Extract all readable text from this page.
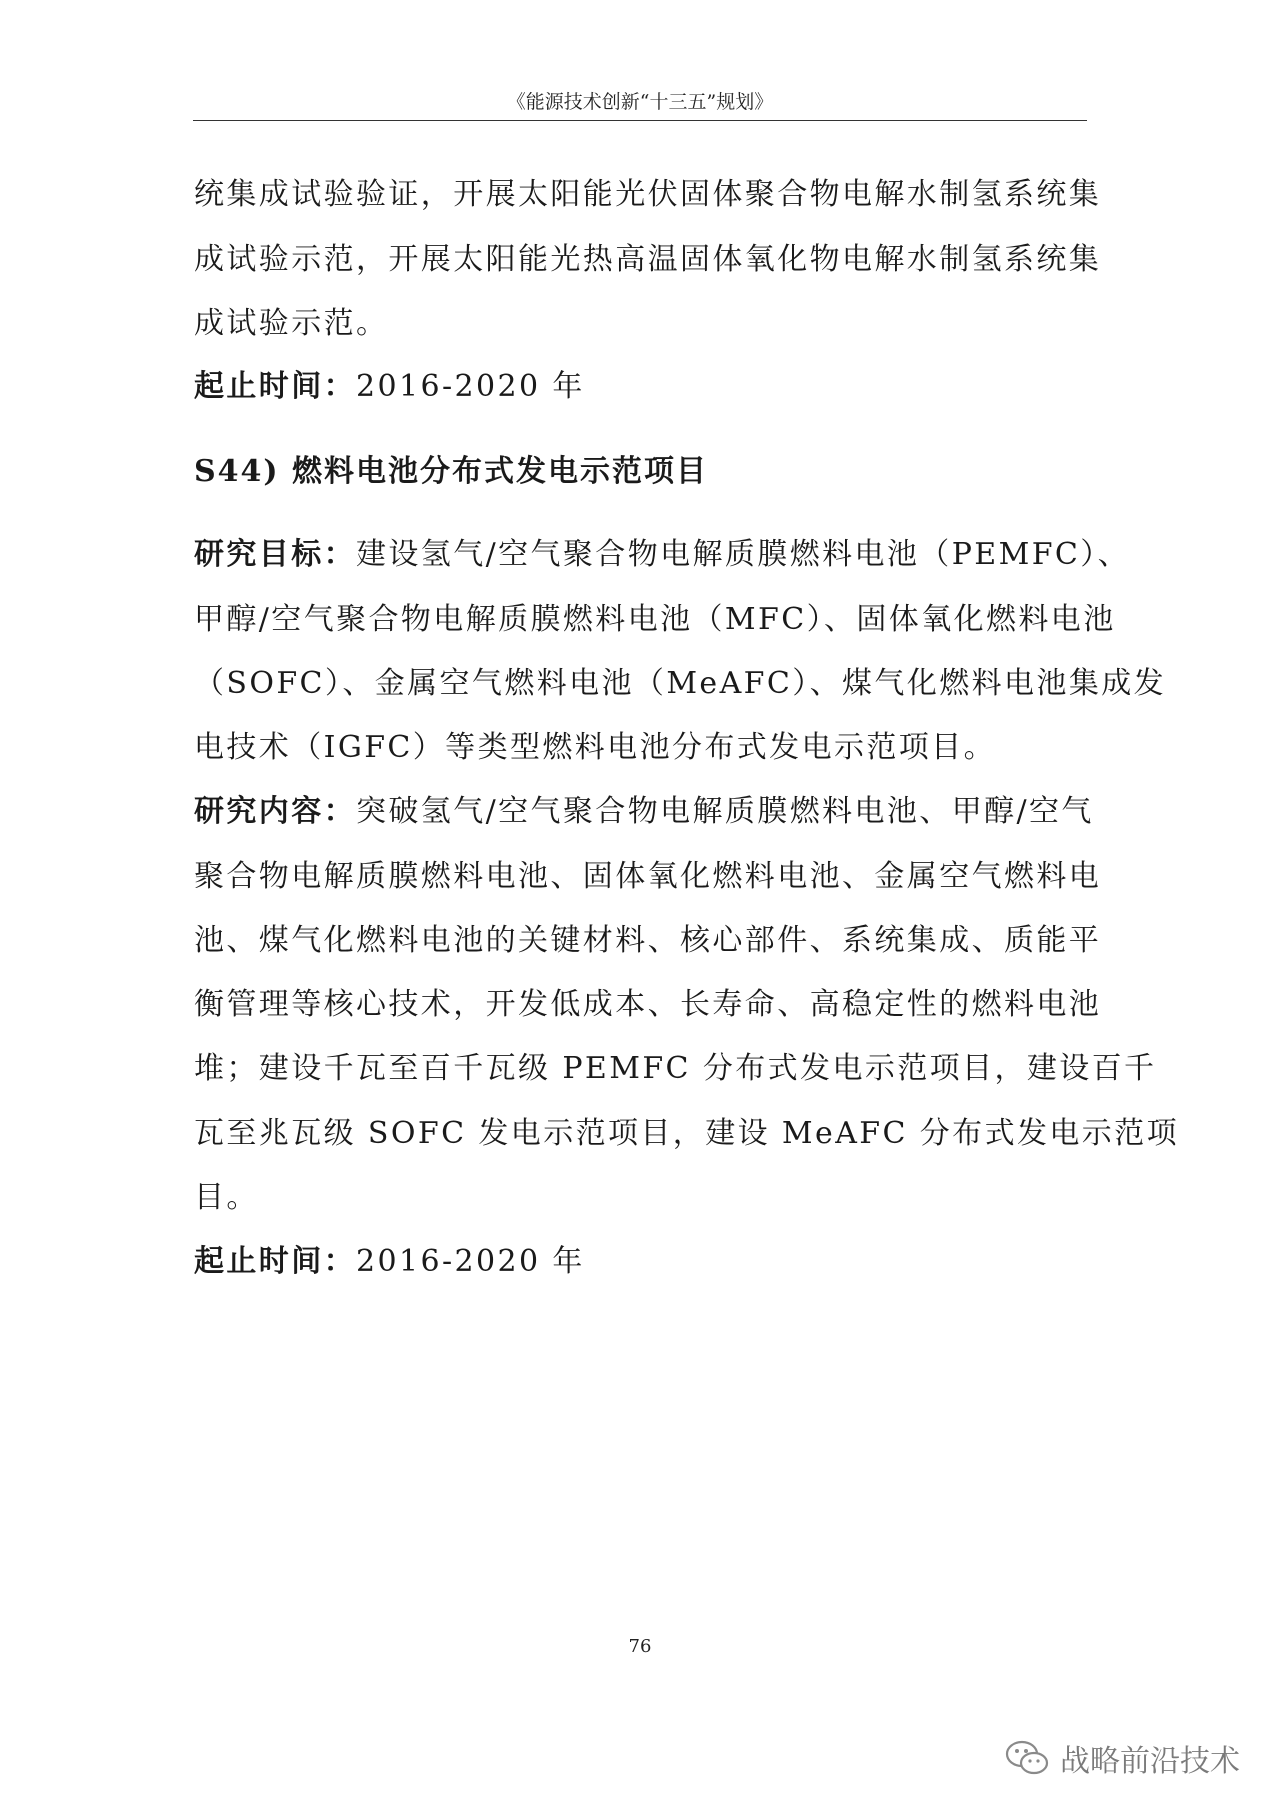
《能源技术创新“十三五”规划》
统集成试验验证，开展太阳能光伏固体聚合物电解水制氢系统集
成试验示范，开展太阳能光热高温固体氧化物电解水制氢系统集
成试验示范。
起止时间：2016-2020 年
S44) 燃料电池分布式发电示范项目
研究目标：建设氢气/空气聚合物电解质膜燃料电池（PEMFC）、
甲醇/空气聚合物电解质膜燃料电池（MFC）、固体氧化燃料电池
（SOFC）、金属空气燃料电池（MeAFC）、煤气化燃料电池集成发
电技术（IGFC）等类型燃料电池分布式发电示范项目。
研究内容：突破氢气/空气聚合物电解质膜燃料电池、甲醇/空气
聚合物电解质膜燃料电池、固体氧化燃料电池、金属空气燃料电
池、煤气化燃料电池的关键材料、核心部件、系统集成、质能平
衡管理等核心技术，开发低成本、长寿命、高稳定性的燃料电池
堆；建设千瓦至百千瓦级 PEMFC 分布式发电示范项目，建设百千
瓦至兆瓦级 SOFC 发电示范项目，建设 MeAFC 分布式发电示范项
目。
起止时间：2016-2020 年
76
战略前沿技术
